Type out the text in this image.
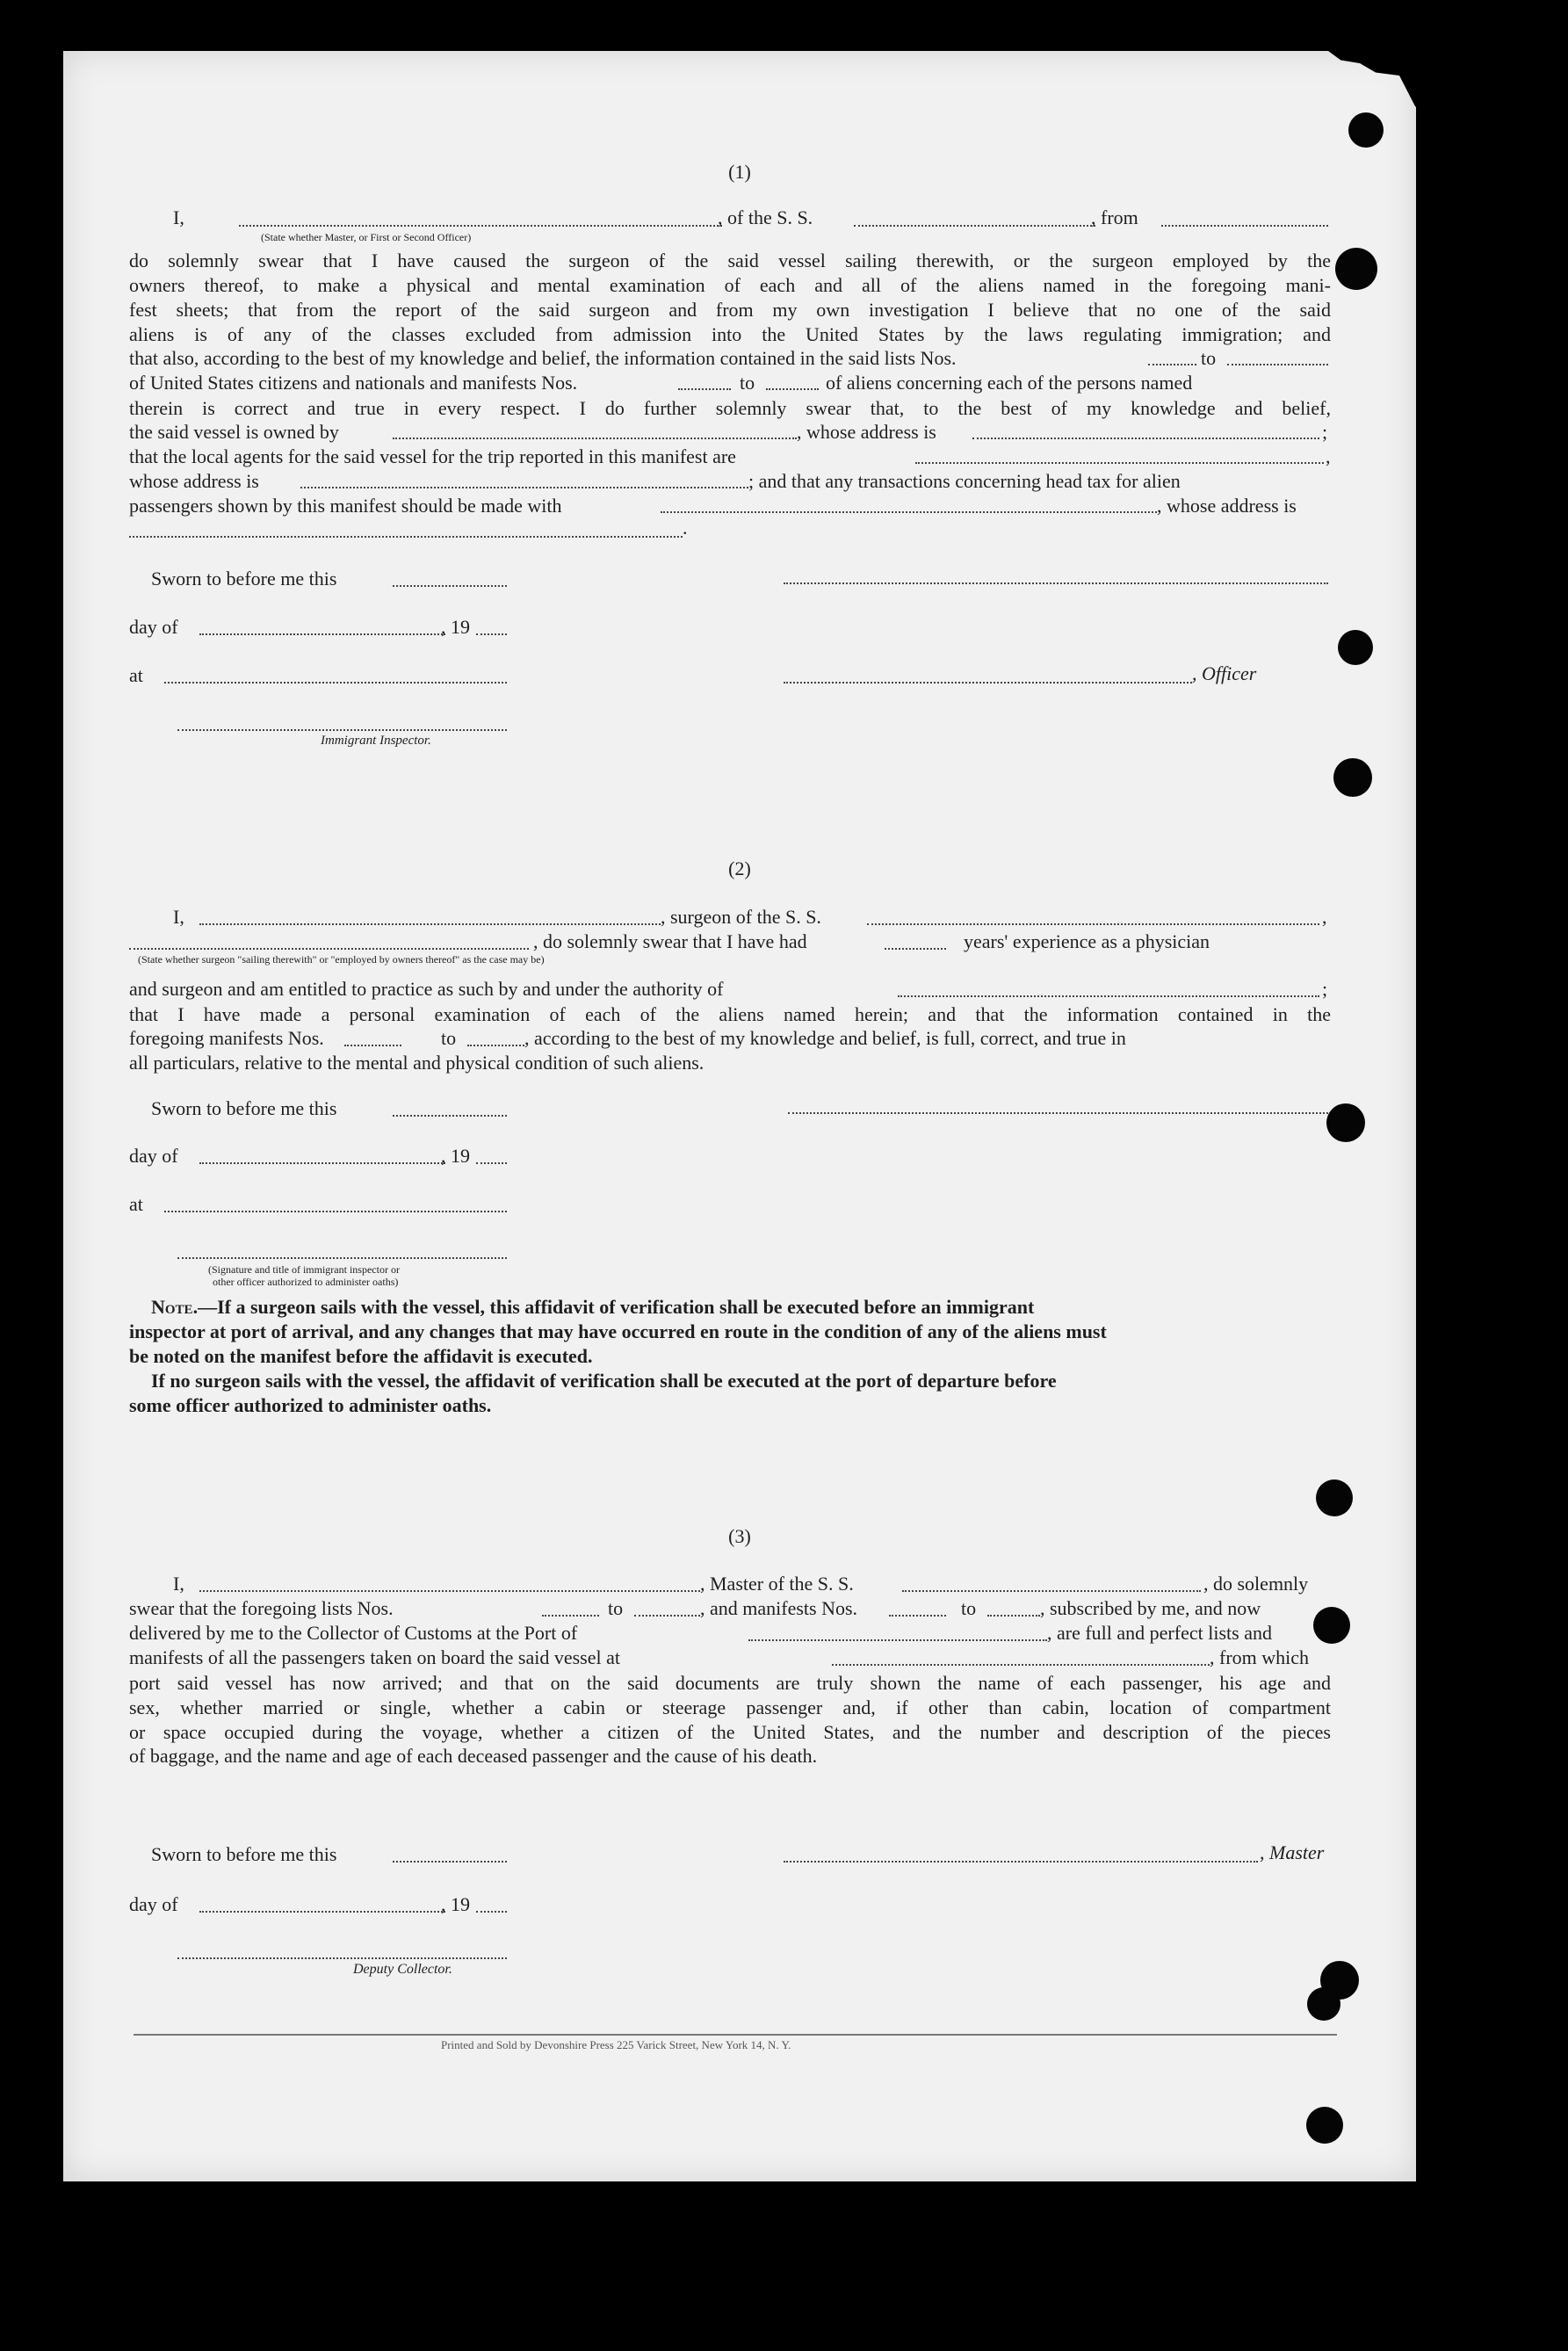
(1)
I,	, of the S. S.	, from
(State whether Master, or First or Second Officer)
do solemnly swear that I have caused the surgeon of the said vessel sailing therewith, or the surgeon employed by the
owners thereof, to make a physical and mental examination of each and all of the aliens named in the foregoing mani-
fest sheets; that from the report of the said surgeon and from my own investigation I believe that no one of the said
aliens is of any of the classes excluded from admission into the United States by the laws regulating immigration; and
that also, according to the best of my knowledge and belief, the information contained in the said lists Nos.	to
of United States citizens and nationals and manifests Nos.	to	of aliens concerning each of the persons named
therein is correct and true in every respect. I do further solemnly swear that, to the best of my knowledge and belief,
the said vessel is owned by	, whose address is	;
that the local agents for the said vessel for the trip reported in this manifest are	,
whose address is	; and that any transactions concerning head tax for alien
passengers shown by this manifest should be made with	, whose address is
.
Sworn to before me this
day of	, 19
at	, Officer
Immigrant Inspector.
(2)
I,	, surgeon of the S. S.	,
, do solemnly swear that I have had	years' experience as a physician
(State whether surgeon "sailing therewith" or "employed by owners thereof" as the case may be)
and surgeon and am entitled to practice as such by and under the authority of	;
that I have made a personal examination of each of the aliens named herein; and that the information contained in the
foregoing manifests Nos.	to	, according to the best of my knowledge and belief, is full, correct, and true in
all particulars, relative to the mental and physical condition of such aliens.
Sworn to before me this
day of	, 19
at
(Signature and title of immigrant inspector or
other officer authorized to administer oaths)
Note.—If a surgeon sails with the vessel, this affidavit of verification shall be executed before an immigrant
inspector at port of arrival, and any changes that may have occurred en route in the condition of any of the aliens must
be noted on the manifest before the affidavit is executed.
If no surgeon sails with the vessel, the affidavit of verification shall be executed at the port of departure before
some officer authorized to administer oaths.
(3)
I,	, Master of the S. S.	, do solemnly
swear that the foregoing lists Nos.	to	, and manifests Nos.	to	, subscribed by me, and now
delivered by me to the Collector of Customs at the Port of	, are full and perfect lists and
manifests of all the passengers taken on board the said vessel at	, from which
port said vessel has now arrived; and that on the said documents are truly shown the name of each passenger, his age and
sex, whether married or single, whether a cabin or steerage passenger and, if other than cabin, location of compartment
or space occupied during the voyage, whether a citizen of the United States, and the number and description of the pieces
of baggage, and the name and age of each deceased passenger and the cause of his death.
Sworn to before me this	, Master
day of	, 19
Deputy Collector.
Printed and Sold by Devonshire Press 225 Varick Street, New York 14, N. Y.
